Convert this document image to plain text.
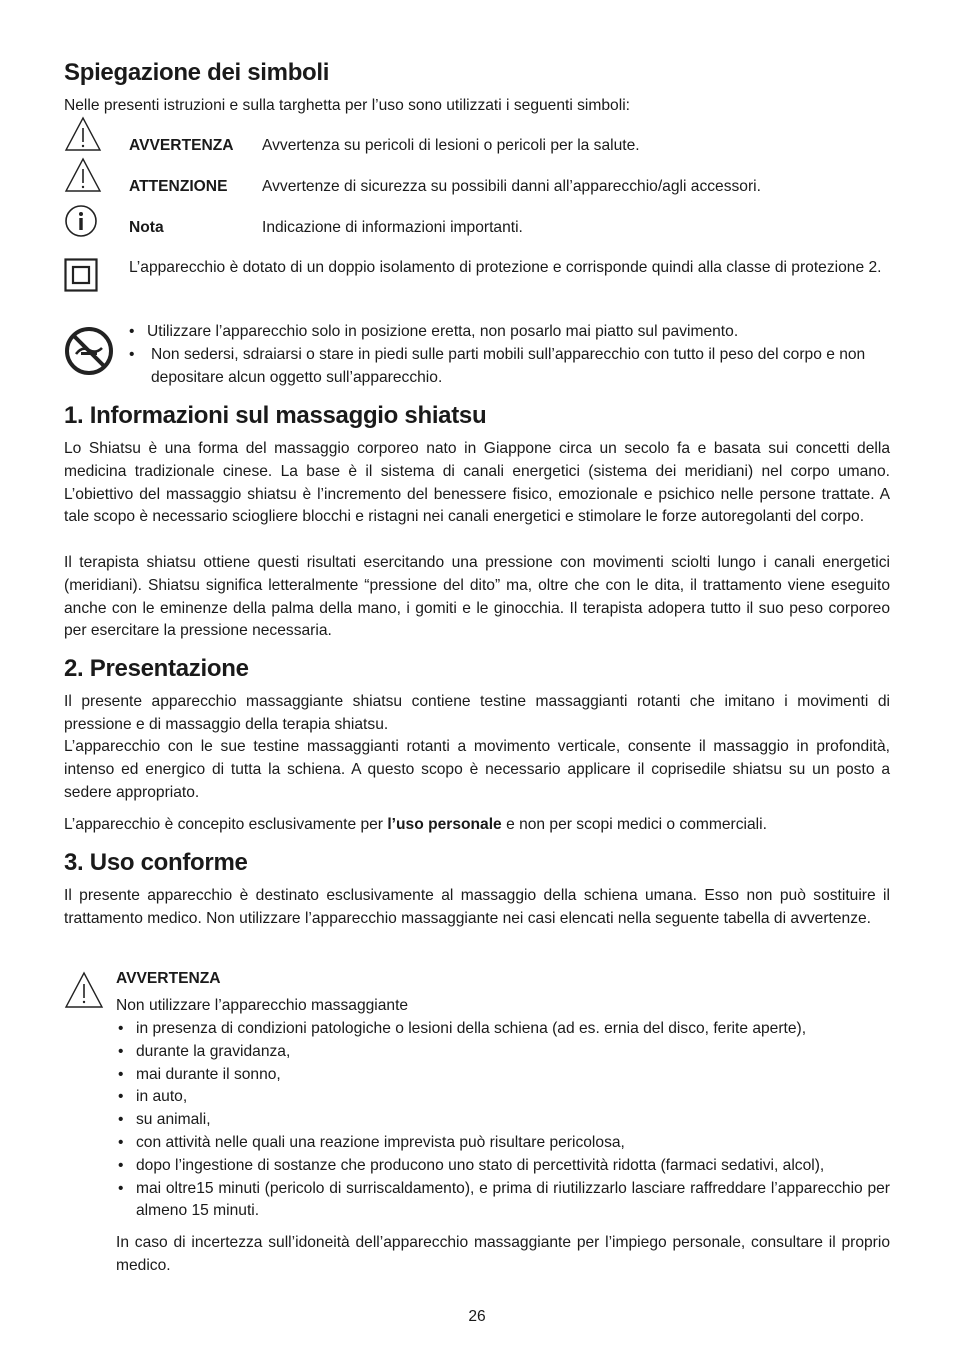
Spiegazione dei simboli

Nelle presenti istruzioni e sulla targhetta per l’uso sono utilizzati i seguenti simboli:

AVVERTENZA Avvertenza su pericoli di lesioni o pericoli per la salute.
ATTENZIONE Avvertenze di sicurezza su possibili danni all’apparecchio/agli accessori.
Nota	Indicazione di informazioni importanti.

L’apparecchio è dotato di un doppio isolamento di protezione e corrisponde quindi alla classe di protezione 2.

• Utilizzare l’apparecchio solo in posizione eretta, non posarlo mai piatto sul pavimento.
• Non sedersi, sdraiarsi o stare in piedi sulle parti mobili sull’apparecchio con tutto il peso del corpo e non depositare alcun oggetto sull’apparecchio.
1. Informazioni sul massaggio shiatsu

Lo Shiatsu è una forma del massaggio corporeo nato in Giappone circa un secolo fa e basata sui concetti della medicina tradizionale cinese. La base è il sistema di canali energetici (sistema dei meridiani) nel corpo umano. L’obiettivo del massaggio shiatsu è l’incremento del benessere fisico, emozionale e psichico nelle persone trattate. A tale scopo è necessario sciogliere blocchi e ristagni nei canali energetici e stimolare le forze autoregolanti del corpo.

Il terapista shiatsu ottiene questi risultati esercitando una pressione con movimenti sciolti lungo i canali energetici (meridiani). Shiatsu significa letteralmente “pressione del dito” ma, oltre che con le dita, il trattamento viene eseguito anche con le eminenze della palma della mano, i gomiti e le ginocchia. Il terapista adopera tutto il suo peso corporeo per esercitare la pressione necessaria.

2. Presentazione

Il presente apparecchio massaggiante shiatsu contiene testine massaggianti rotanti che imitano i movimenti di pressione e di massaggio della terapia shiatsu.

L’apparecchio con le sue testine massaggianti rotanti a movimento verticale, consente il massaggio in profondità, intenso ed energico di tutta la schiena. A questo scopo è necessario applicare il coprisedile shiatsu su un posto a sedere appropriato.

L’apparecchio è concepito esclusivamente per l’uso personale e non per scopi medici o commerciali.

3. Uso conforme

Il presente apparecchio è destinato esclusivamente al massaggio della schiena umana. Esso non può sostituire il trattamento medico. Non utilizzare l’apparecchio massaggiante nei casi elencati nella seguente tabella di avvertenze.

AVVERTENZA

Non utilizzare l’apparecchio massaggiante

• in presenza di condizioni patologiche o lesioni della schiena (ad es. ernia del disco, ferite aperte),
• durante la gravidanza,
• mai durante il sonno,
• in auto,
• su animali,
• con attività nelle quali una reazione imprevista può risultare pericolosa,
• dopo l’ingestione di sostanze che producono uno stato di percettività ridotta (farmaci sedativi, alcol),
• mai oltre15 minuti (pericolo di surriscaldamento), e prima di riutilizzarlo lasciare raffreddare l’apparecchio per almeno 15 minuti.

In caso di incertezza sull’idoneità dell’apparecchio massaggiante per l’impiego personale, consultare il proprio medico.

26
